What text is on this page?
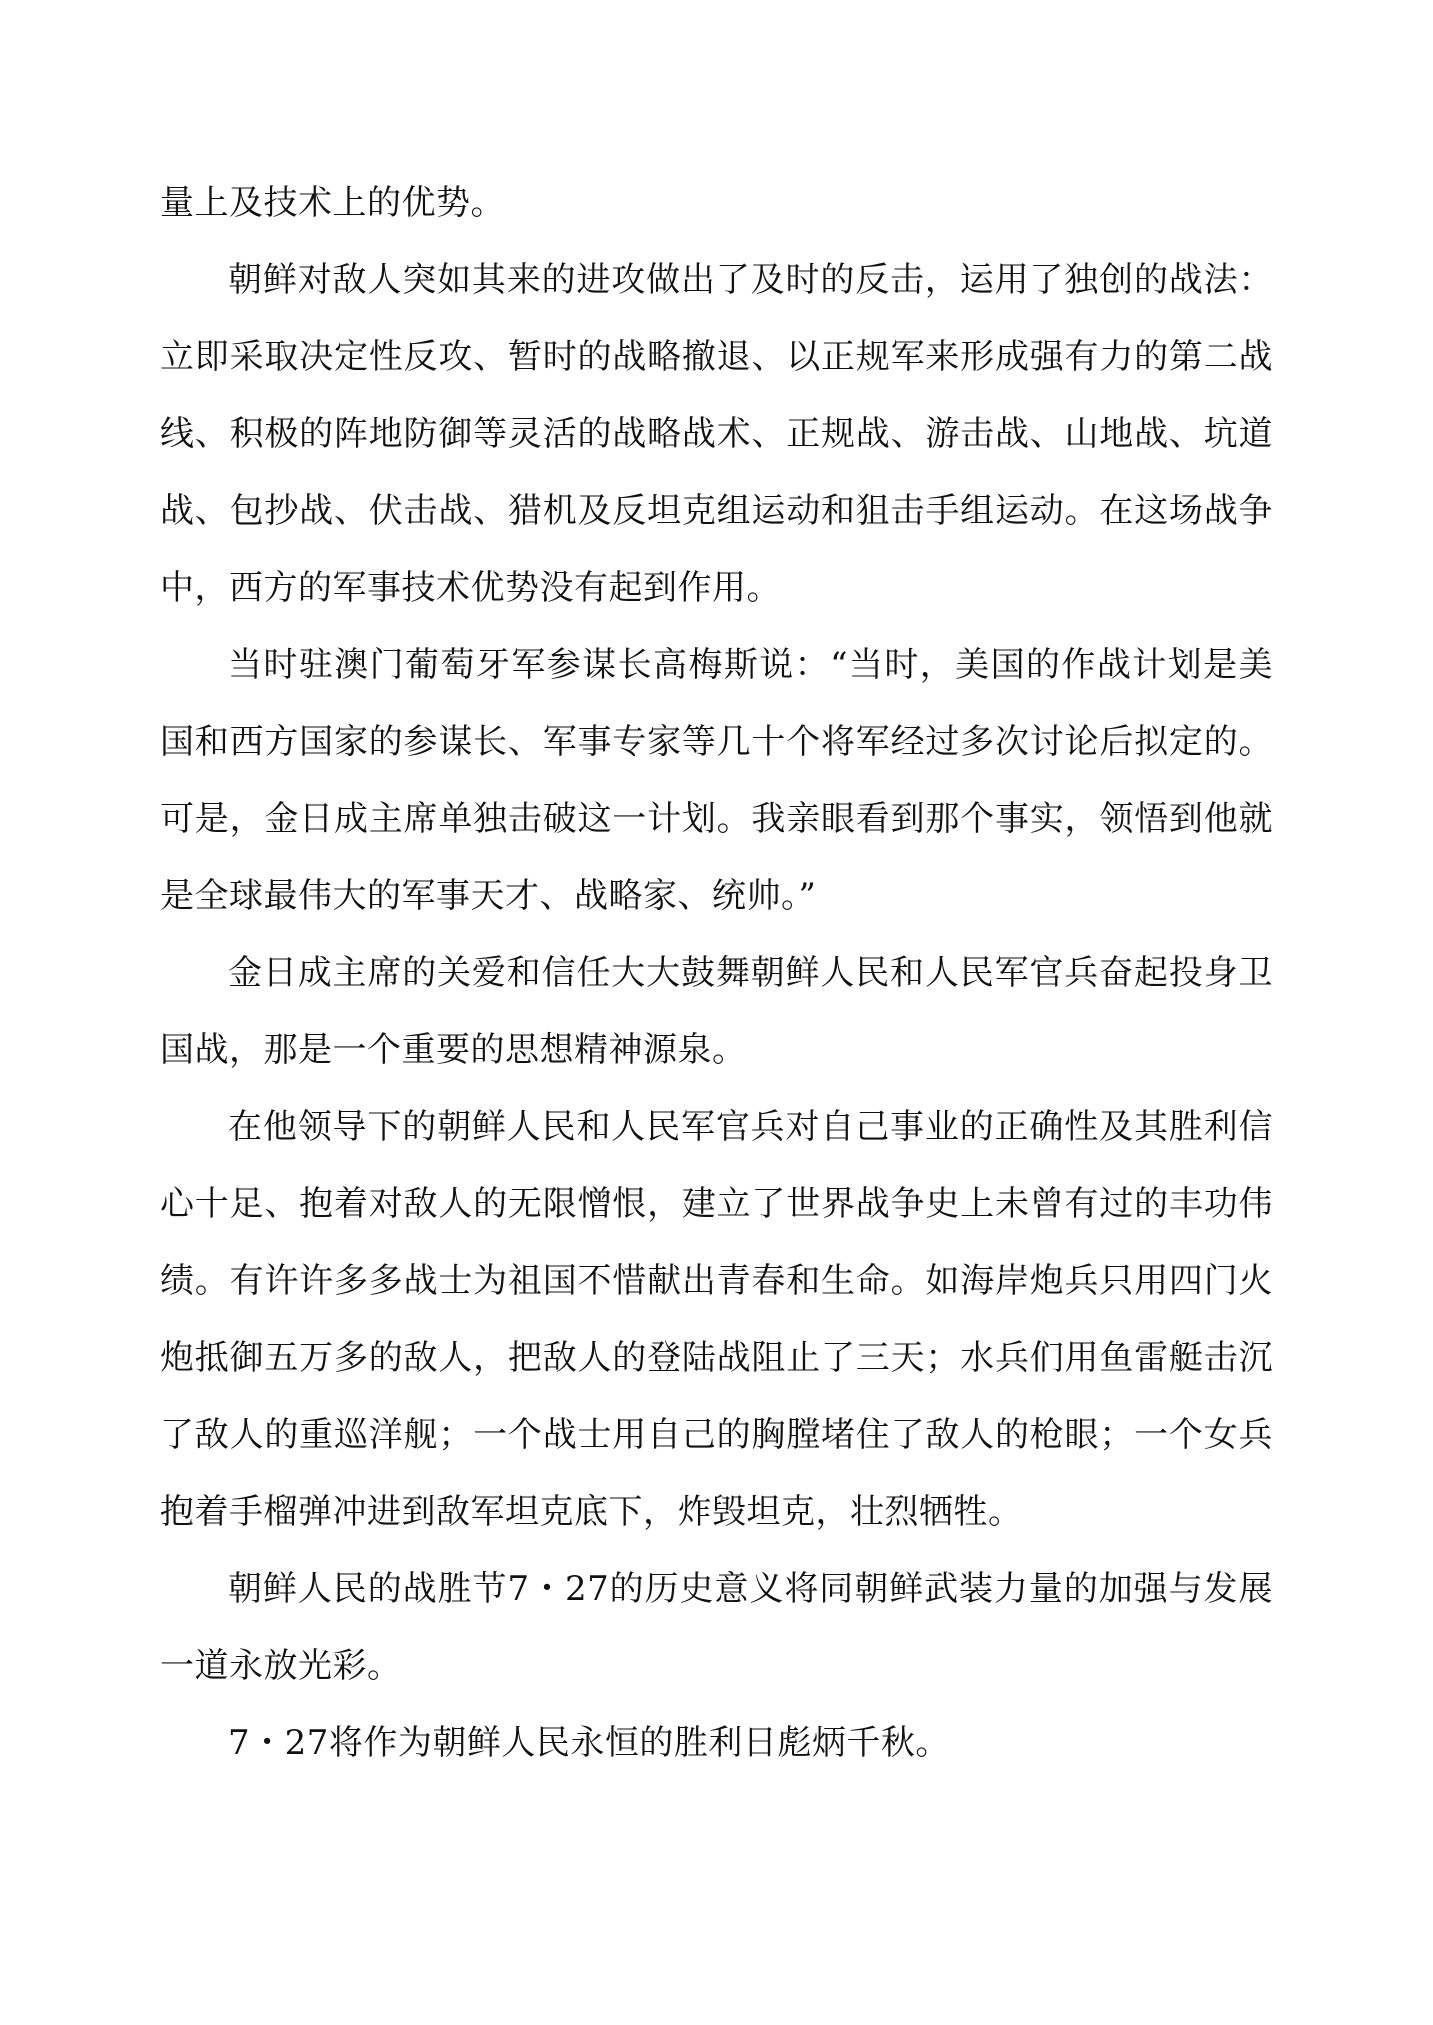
量上及技术上的优势。

朝鲜对敌人突如其来的进攻做出了及时的反击，运用了独创的战法：立即采取决定性反攻、暂时的战略撤退、以正规军来形成强有力的第二战线、积极的阵地防御等灵活的战略战术、正规战、游击战、山地战、坑道战、包抄战、伏击战、猎机及反坦克组运动和狙击手组运动。在这场战争中，西方的军事技术优势没有起到作用。

当时驻澳门葡萄牙军参谋长高梅斯说：“当时，美国的作战计划是美国和西方国家的参谋长、军事专家等几十个将军经过多次讨论后拟定的。可是，金日成主席单独击破这一计划。我亲眼看到那个事实，领悟到他就是全球最伟大的军事天才、战略家、统帅。”

金日成主席的关爱和信任大大鼓舞朝鲜人民和人民军官兵奋起投身卫国战，那是一个重要的思想精神源泉。

在他领导下的朝鲜人民和人民军官兵对自己事业的正确性及其胜利信心十足、抱着对敌人的无限憎恨，建立了世界战争史上未曾有过的丰功伟绩。有许许多多战士为祖国不惜献出青春和生命。如海岸炮兵只用四门火炮抵御五万多的敌人，把敌人的登陆战阻止了三天；水兵们用鱼雷艇击沉了敌人的重巡洋舰；一个战士用自己的胸膛堵住了敌人的枪眼；一个女兵抱着手榴弹冲进到敌军坦克底下，炸毁坦克，壮烈牺牲。

朝鲜人民的战胜节7・27的历史意义将同朝鲜武装力量的加强与发展一道永放光彩。

7・27将作为朝鲜人民永恒的胜利日彪炳千秋。
